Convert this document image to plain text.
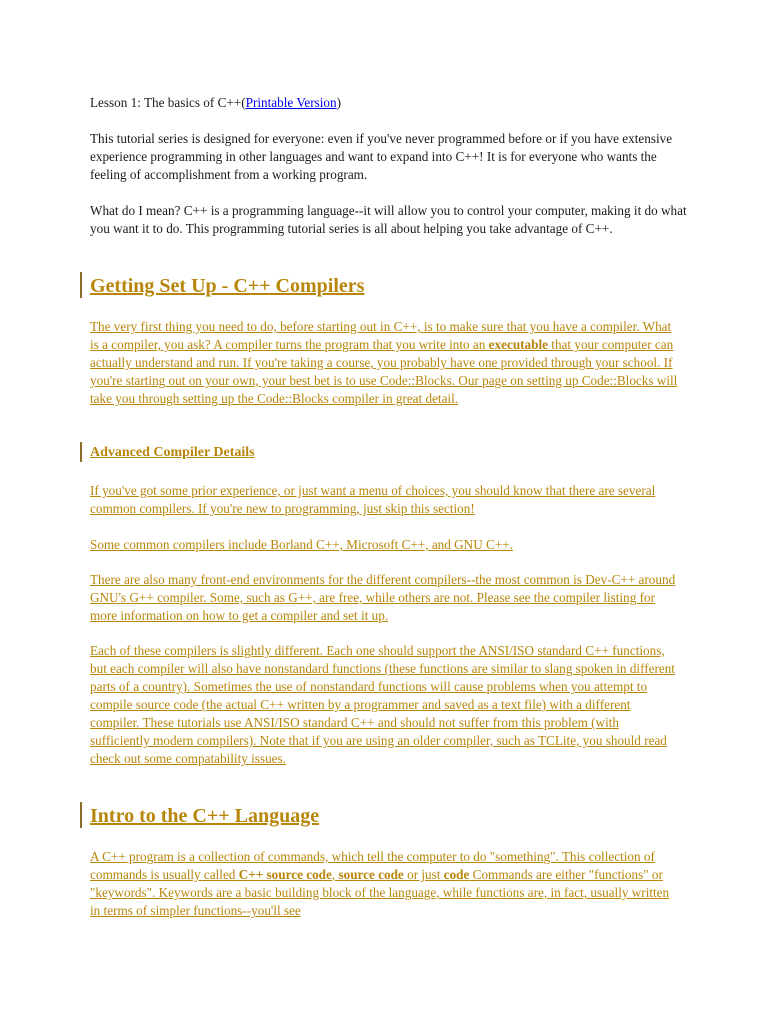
Lesson 1: The basics of C++(Printable Version)
This tutorial series is designed for everyone: even if you've never programmed before or if you have extensive experience programming in other languages and want to expand into C++! It is for everyone who wants the feeling of accomplishment from a working program.
What do I mean? C++ is a programming language--it will allow you to control your computer, making it do what you want it to do. This programming tutorial series is all about helping you take advantage of C++.
Getting Set Up - C++ Compilers
The very first thing you need to do, before starting out in C++, is to make sure that you have a compiler. What is a compiler, you ask? A compiler turns the program that you write into an executable that your computer can actually understand and run. If you're taking a course, you probably have one provided through your school. If you're starting out on your own, your best bet is to use Code::Blocks. Our page on setting up Code::Blocks will take you through setting up the Code::Blocks compiler in great detail.
Advanced Compiler Details
If you've got some prior experience, or just want a menu of choices, you should know that there are several common compilers. If you're new to programming, just skip this section!
Some common compilers include Borland C++, Microsoft C++, and GNU C++.
There are also many front-end environments for the different compilers--the most common is Dev-C++ around GNU's G++ compiler. Some, such as G++, are free, while others are not. Please see the compiler listing for more information on how to get a compiler and set it up.
Each of these compilers is slightly different. Each one should support the ANSI/ISO standard C++ functions, but each compiler will also have nonstandard functions (these functions are similar to slang spoken in different parts of a country). Sometimes the use of nonstandard functions will cause problems when you attempt to compile source code (the actual C++ written by a programmer and saved as a text file) with a different compiler. These tutorials use ANSI/ISO standard C++ and should not suffer from this problem (with sufficiently modern compilers). Note that if you are using an older compiler, such as TCLite, you should read check out some compatability issues.
Intro to the C++ Language
A C++ program is a collection of commands, which tell the computer to do "something". This collection of commands is usually called C++ source code, source code or just code Commands are either "functions" or "keywords". Keywords are a basic building block of the language, while functions are, in fact, usually written in terms of simpler functions--you'll see
